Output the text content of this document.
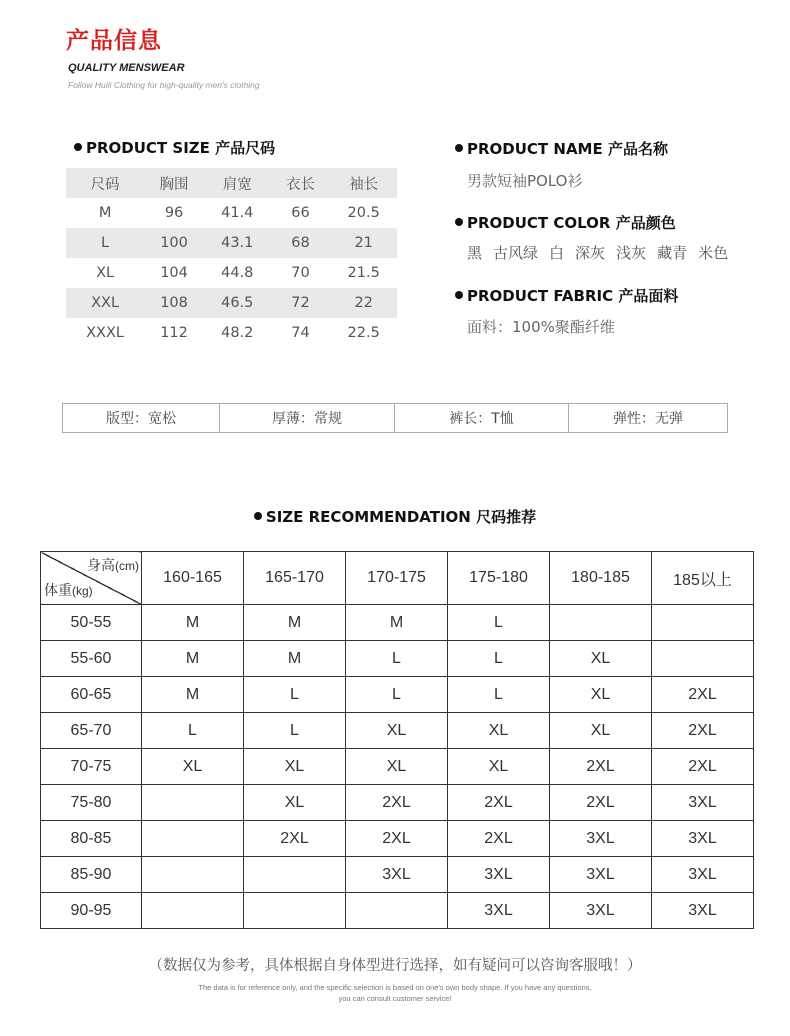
产品信息
QUALITY MENSWEAR
Follow Huili Clothing for high-quality men's clothing
PRODUCT SIZE 产品尺码
尺码	胸围	肩宽	衣长	袖长
M	96	41.4	66	20.5
L	100	43.1	68	21
XL	104	44.8	70	21.5
XXL	108	46.5	72	22
XXXL	112	48.2	74	22.5
PRODUCT NAME 产品名称
男款短袖POLO衫
PRODUCT COLOR 产品颜色
黑 古风绿 白 深灰 浅灰 藏青 米色
PRODUCT FABRIC 产品面料
面料：100%聚酯纤维
版型：宽松	厚薄：常规	裤长：T恤	弹性：无弹
SIZE RECOMMENDATION 尺码推荐
身高(cm)
体重(kg)	160-165	165-170	170-175	175-180	180-185	185以上
50-55	M	M	M	L		
55-60	M	M	L	L	XL	
60-65	M	L	L	L	XL	2XL
65-70	L	L	XL	XL	XL	2XL
70-75	XL	XL	XL	XL	2XL	2XL
75-80		XL	2XL	2XL	2XL	3XL
80-85		2XL	2XL	2XL	3XL	3XL
85-90			3XL	3XL	3XL	3XL
90-95				3XL	3XL	3XL
（数据仅为参考，具体根据自身体型进行选择，如有疑问可以咨询客服哦！）
The data is for reference only, and the specific selection is based on one's own body shape. If you have any questions,
you can consult customer service!
